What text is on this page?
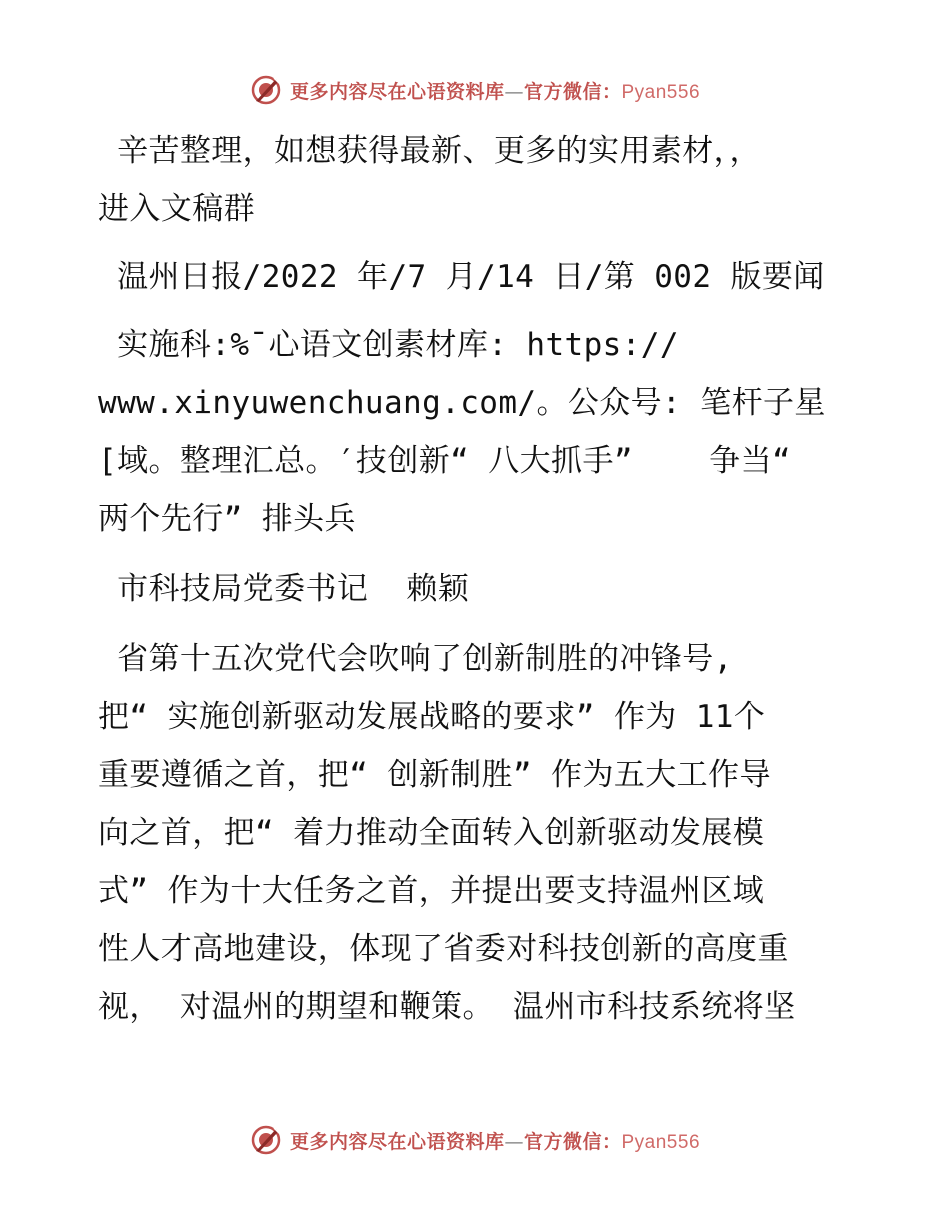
更多内容尽在心语资料库—官方微信：Pyan556
辛苦整理，如想获得最新、更多的实用素材，，
进入文稿群
温州日报/2022 年/7 月/14 日/第 002 版要闻
实施科:%¯心语文创素材库: https://
www.xinyuwenchuang.com/。公众号: 笔杆子星
[域。整理汇总。′技创新“ 八大抓手”    争当“
两个先行” 排头兵
市科技局党委书记  赖颖
省第十五次党代会吹响了创新制胜的冲锋号,
把“ 实施创新驱动发展战略的要求” 作为 11个
重要遵循之首，把“ 创新制胜” 作为五大工作导
向之首，把“ 着力推动全面转入创新驱动发展模
式” 作为十大任务之首，并提出要支持温州区域
性人才高地建设，体现了省委对科技创新的高度重
视， 对温州的期望和鞭策。 温州市科技系统将坚
更多内容尽在心语资料库—官方微信：Pyan556
